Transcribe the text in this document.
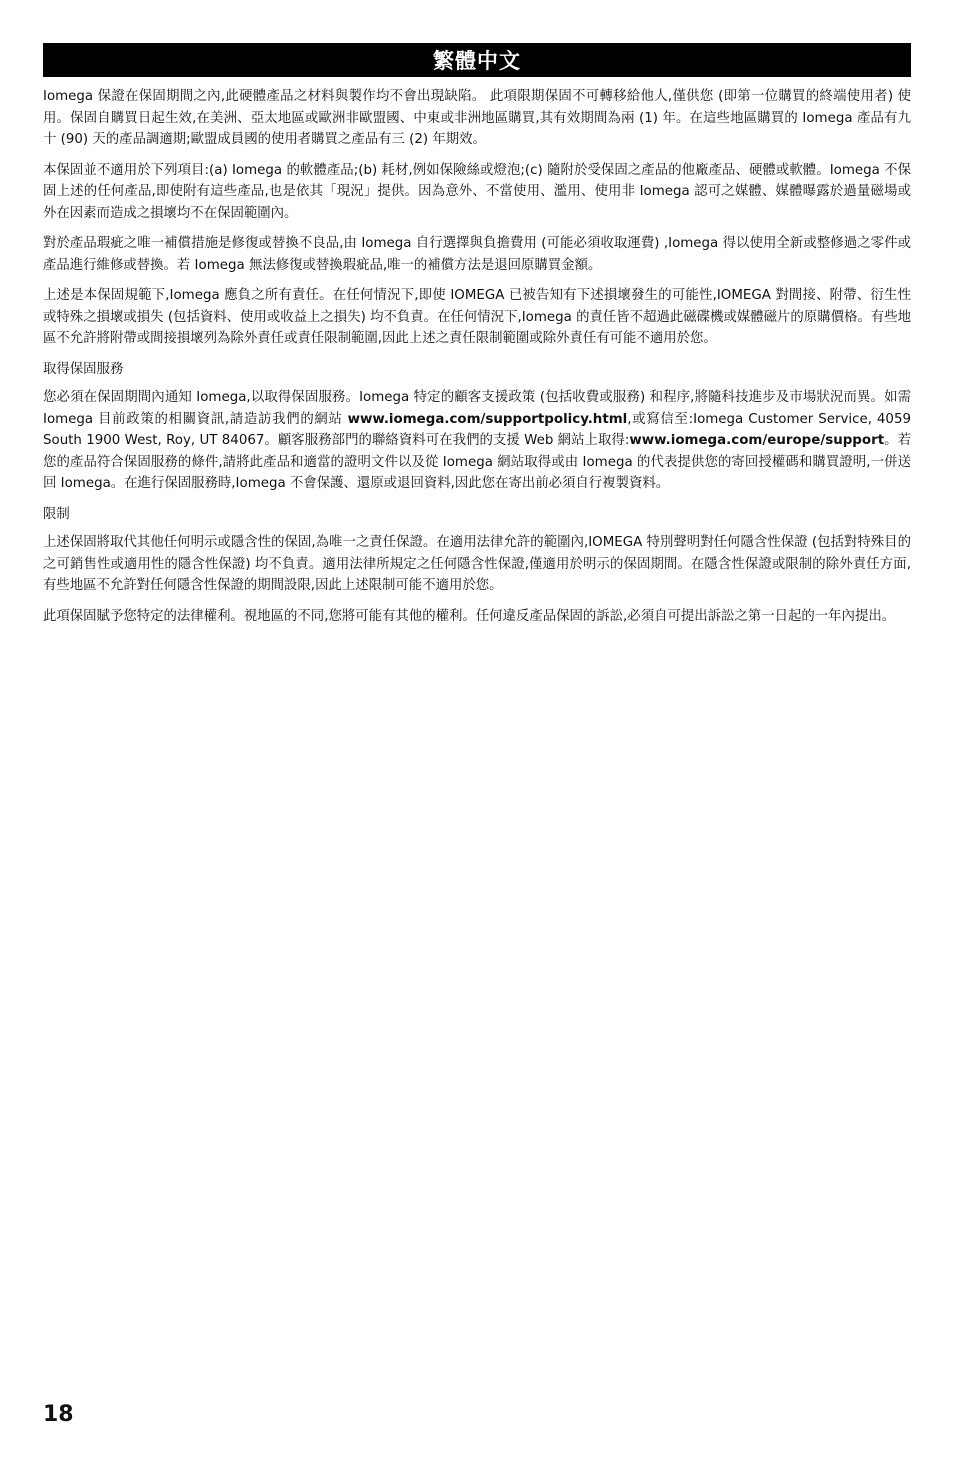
繁體中文

Iomega 保證在保固期間之內,此硬體產品之材料與製作均不會出現缺陷。 此項限期保固不可轉移給他人,僅供您 (即第一位購買的終端使用者) 使用。保固自購買日起生效,在美洲、亞太地區或歐洲非歐盟國、中東或非洲地區購買,其有效期間為兩 (1) 年。在這些地區購買的 Iomega 產品有九十 (90) 天的產品調適期;歐盟成員國的使用者購買之產品有三 (2) 年期效。

本保固並不適用於下列項目:(a) Iomega 的軟體產品;(b) 耗材,例如保險絲或燈泡;(c) 隨附於受保固之產品的他廠產品、硬體或軟體。Iomega 不保固上述的任何產品,即使附有這些產品,也是依其「現況」提供。因為意外、不當使用、濫用、使用非 Iomega 認可之媒體、媒體曝露於過量磁場或外在因素而造成之損壞均不在保固範圍內。

對於產品瑕疵之唯一補償措施是修復或替換不良品,由 Iomega 自行選擇與負擔費用 (可能必須收取運費) ,Iomega 得以使用全新或整修過之零件或產品進行維修或替換。若 Iomega 無法修復或替換瑕疵品,唯一的補償方法是退回原購買金額。

上述是本保固規範下,Iomega 應負之所有責任。在任何情況下,即使 IOMEGA 已被告知有下述損壞發生的可能性,IOMEGA 對間接、附帶、衍生性或特殊之損壞或損失 (包括資料、使用或收益上之損失) 均不負責。在任何情況下,Iomega 的責任皆不超過此磁碟機或媒體磁片的原購價格。有些地區不允許將附帶或間接損壞列為除外責任或責任限制範圍,因此上述之責任限制範圍或除外責任有可能不適用於您。

取得保固服務

您必須在保固期間內通知 Iomega,以取得保固服務。Iomega 特定的顧客支援政策 (包括收費或服務) 和程序,將隨科技進步及市場狀況而異。如需 Iomega 目前政策的相關資訊,請造訪我們的網站 www.iomega.com/supportpolicy.html,或寫信至:Iomega Customer Service, 4059 South 1900 West, Roy, UT 84067。顧客服務部門的聯絡資料可在我們的支援 Web 網站上取得:www.iomega.com/europe/support。若您的產品符合保固服務的條件,請將此產品和適當的證明文件以及從 Iomega 網站取得或由 Iomega 的代表提供您的寄回授權碼和購買證明,一併送回 Iomega。在進行保固服務時,Iomega 不會保護、還原或退回資料,因此您在寄出前必須自行複製資料。

限制

上述保固將取代其他任何明示或隱含性的保固,為唯一之責任保證。在適用法律允許的範圍內,IOMEGA 特別聲明對任何隱含性保證 (包括對特殊目的之可銷售性或適用性的隱含性保證) 均不負責。適用法律所規定之任何隱含性保證,僅適用於明示的保固期間。在隱含性保證或限制的除外責任方面,有些地區不允許對任何隱含性保證的期間設限,因此上述限制可能不適用於您。

此項保固賦予您特定的法律權利。視地區的不同,您將可能有其他的權利。任何違反產品保固的訴訟,必須自可提出訴訟之第一日起的一年內提出。

18
